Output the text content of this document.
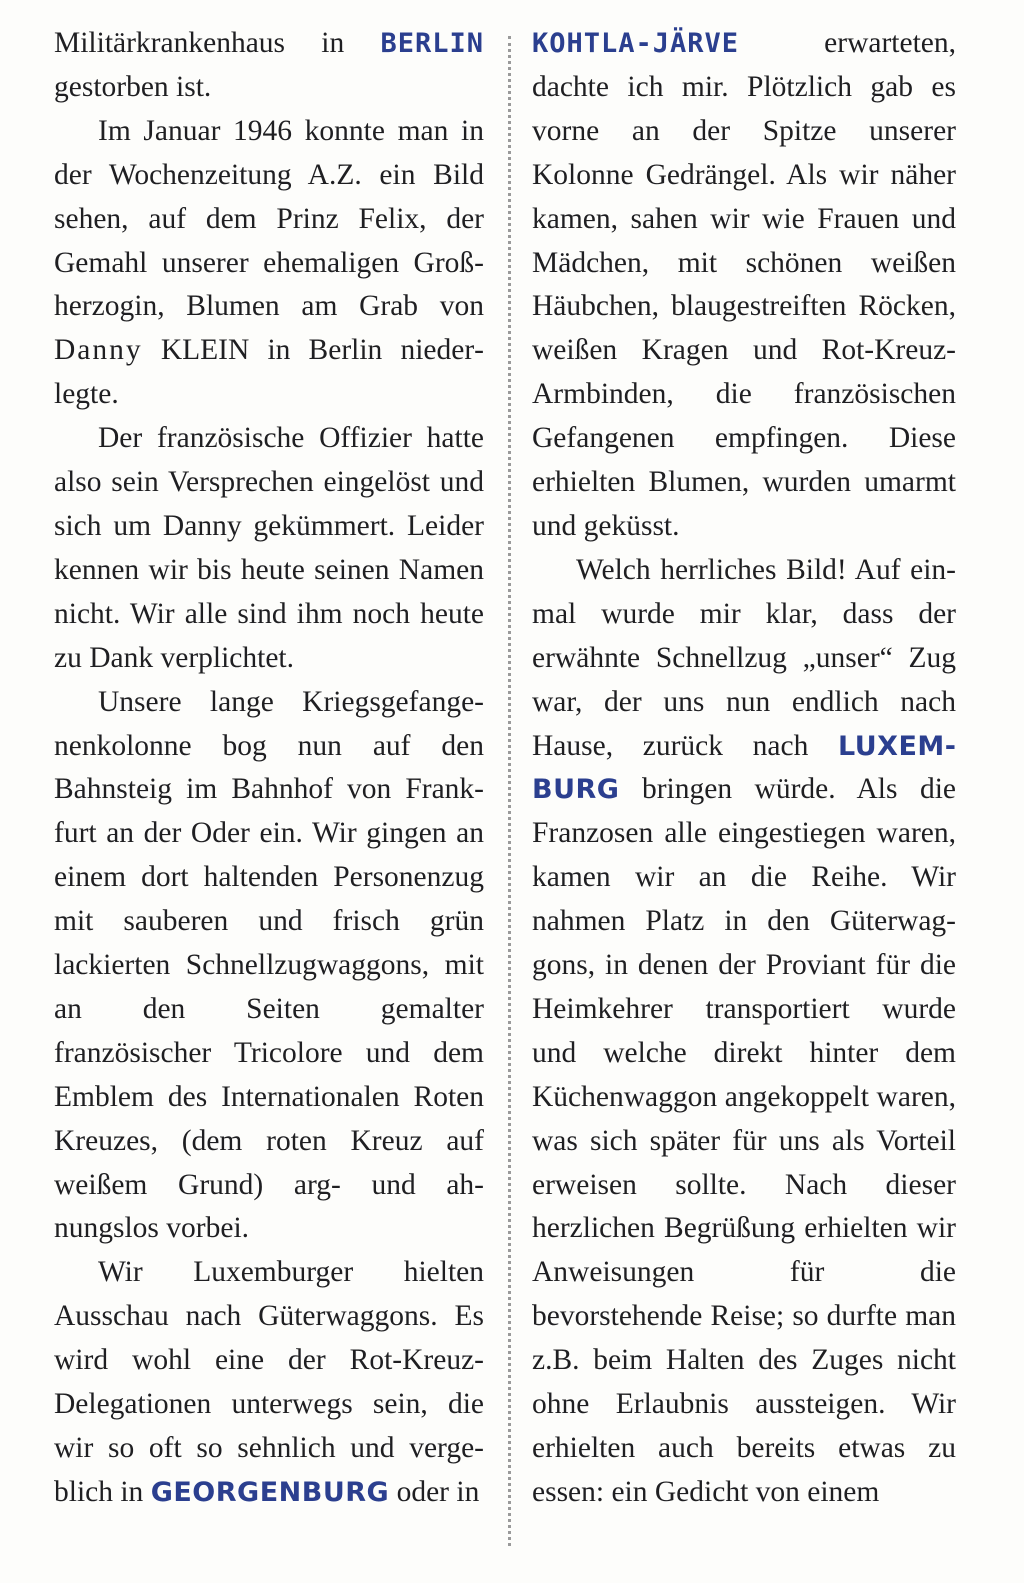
Militärkrankenhaus in BERLIN gestorben ist.

Im Januar 1946 konnte man in der Wochenzeitung A.Z. ein Bild sehen, auf dem Prinz Felix, der Gemahl unserer ehemaligen Großherzogin, Blumen am Grab von Danny KLEIN in Berlin niederlegte.

Der französische Offizier hatte also sein Versprechen eingelöst und sich um Danny gekümmert. Leider kennen wir bis heute seinen Namen nicht. Wir alle sind ihm noch heute zu Dank verplichtet.

Unsere lange Kriegsgefangenenkolonne bog nun auf den Bahnsteig im Bahnhof von Frankfurt an der Oder ein. Wir gingen an einem dort haltenden Personenzug mit sauberen und frisch grün lackierten Schnellzugwaggons, mit an den Seiten gemalter französischer Tricolore und dem Emblem des Internationalen Roten Kreuzes, (dem roten Kreuz auf weißem Grund) arg- und ahnungslos vorbei.

Wir Luxemburger hielten Ausschau nach Güterwaggons. Es wird wohl eine der Rot-Kreuz-Delegationen unterwegs sein, die wir so oft so sehnlich und vergeblich in GEORGENBURG oder in

KOHTLA-JÄRVE erwarteten, dachte ich mir. Plötzlich gab es vorne an der Spitze unserer Kolonne Gedrängel. Als wir näher kamen, sahen wir wie Frauen und Mädchen, mit schönen weißen Häubchen, blaugestreiften Röcken, weißen Kragen und Rot-Kreuz-Armbinden, die französischen Gefangenen empfingen. Diese erhielten Blumen, wurden umarmt und geküsst.

Welch herrliches Bild! Auf einmal wurde mir klar, dass der erwähnte Schnellzug „unser“ Zug war, der uns nun endlich nach Hause, zurück nach LUXEMBURG bringen würde. Als die Franzosen alle eingestiegen waren, kamen wir an die Reihe. Wir nahmen Platz in den Güterwaggons, in denen der Proviant für die Heimkehrer transportiert wurde und welche direkt hinter dem Küchenwaggon angekoppelt waren, was sich später für uns als Vorteil erweisen sollte. Nach dieser herzlichen Begrüßung erhielten wir Anweisungen für die bevorstehende Reise; so durfte man z.B. beim Halten des Zuges nicht ohne Erlaubnis aussteigen. Wir erhielten auch bereits etwas zu essen: ein Gedicht von einem
